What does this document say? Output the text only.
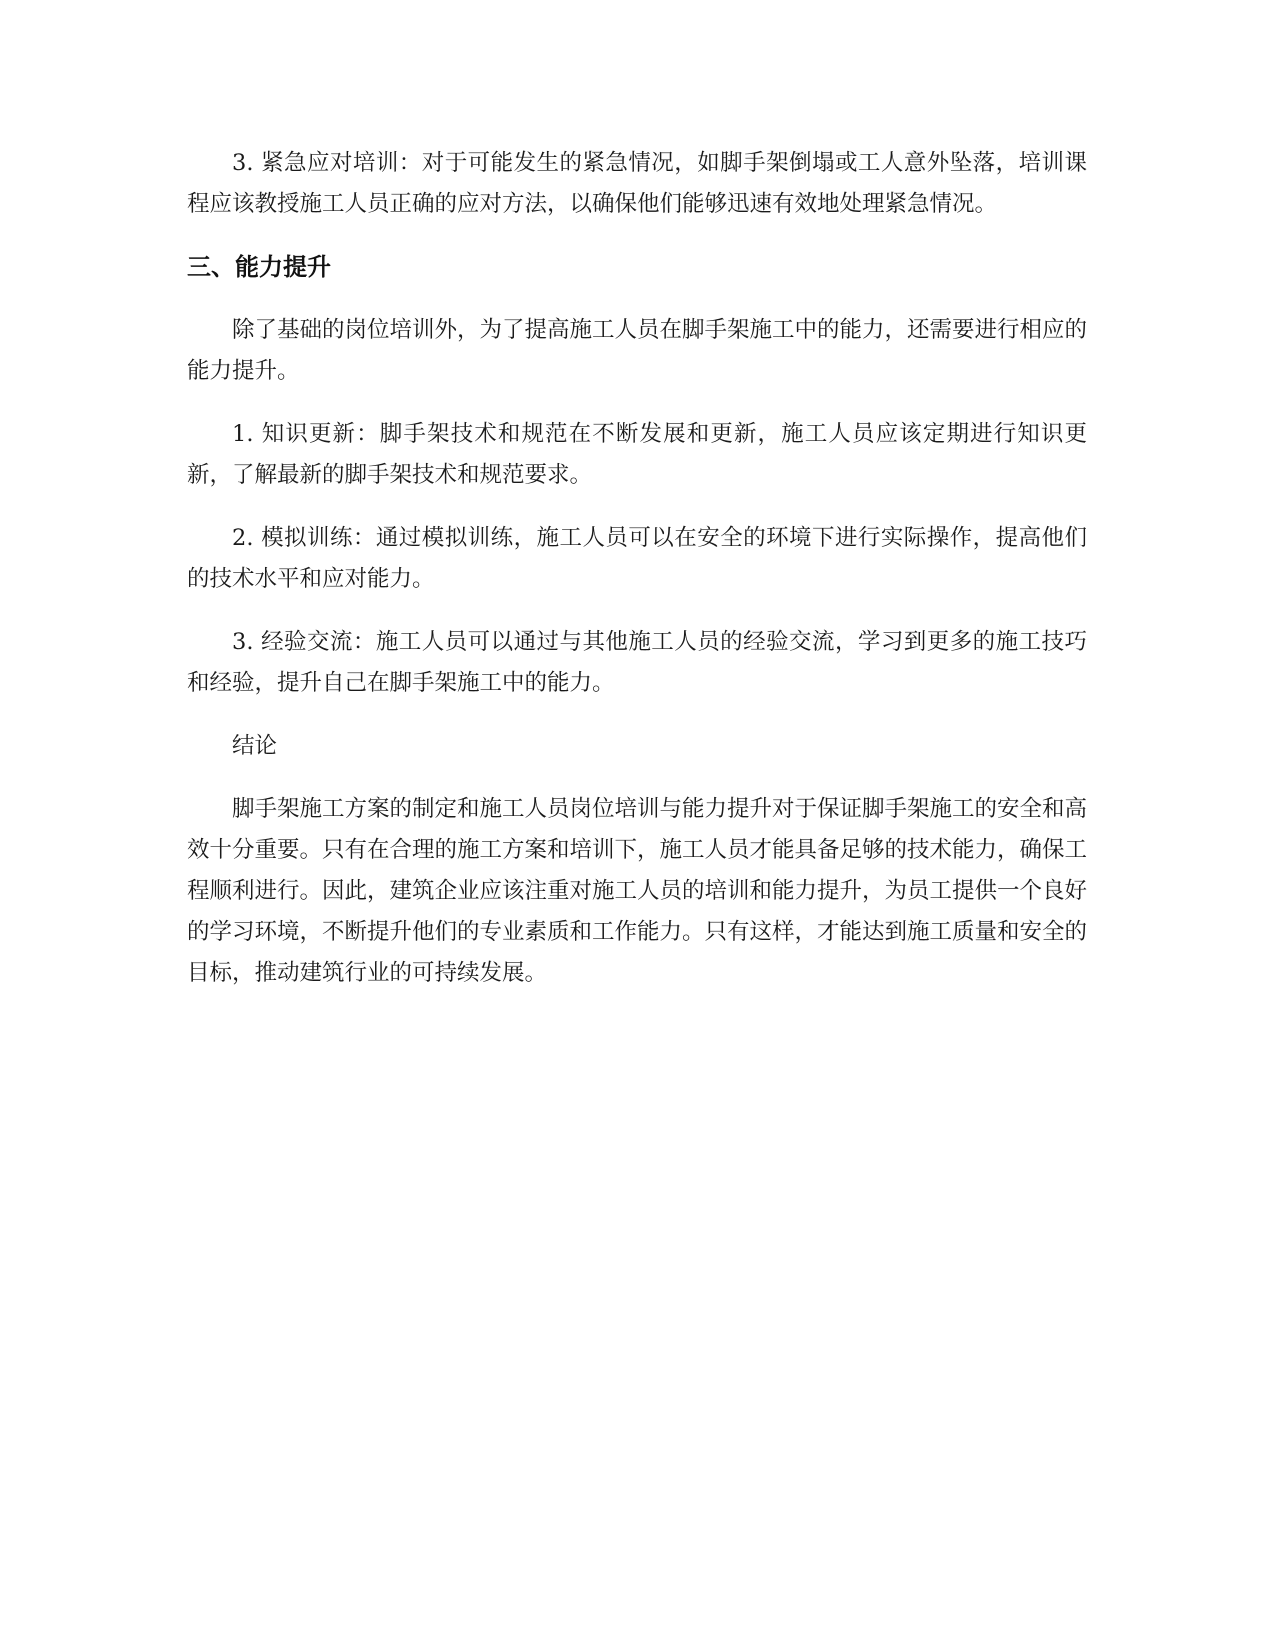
3. 紧急应对培训：对于可能发生的紧急情况，如脚手架倒塌或工人意外坠落，培训课程应该教授施工人员正确的应对方法，以确保他们能够迅速有效地处理紧急情况。

三、能力提升

除了基础的岗位培训外，为了提高施工人员在脚手架施工中的能力，还需要进行相应的能力提升。

1. 知识更新：脚手架技术和规范在不断发展和更新，施工人员应该定期进行知识更新，了解最新的脚手架技术和规范要求。

2. 模拟训练：通过模拟训练，施工人员可以在安全的环境下进行实际操作，提高他们的技术水平和应对能力。

3. 经验交流：施工人员可以通过与其他施工人员的经验交流，学习到更多的施工技巧和经验，提升自己在脚手架施工中的能力。

结论

脚手架施工方案的制定和施工人员岗位培训与能力提升对于保证脚手架施工的安全和高效十分重要。只有在合理的施工方案和培训下，施工人员才能具备足够的技术能力，确保工程顺利进行。因此，建筑企业应该注重对施工人员的培训和能力提升，为员工提供一个良好的学习环境，不断提升他们的专业素质和工作能力。只有这样，才能达到施工质量和安全的目标，推动建筑行业的可持续发展。
